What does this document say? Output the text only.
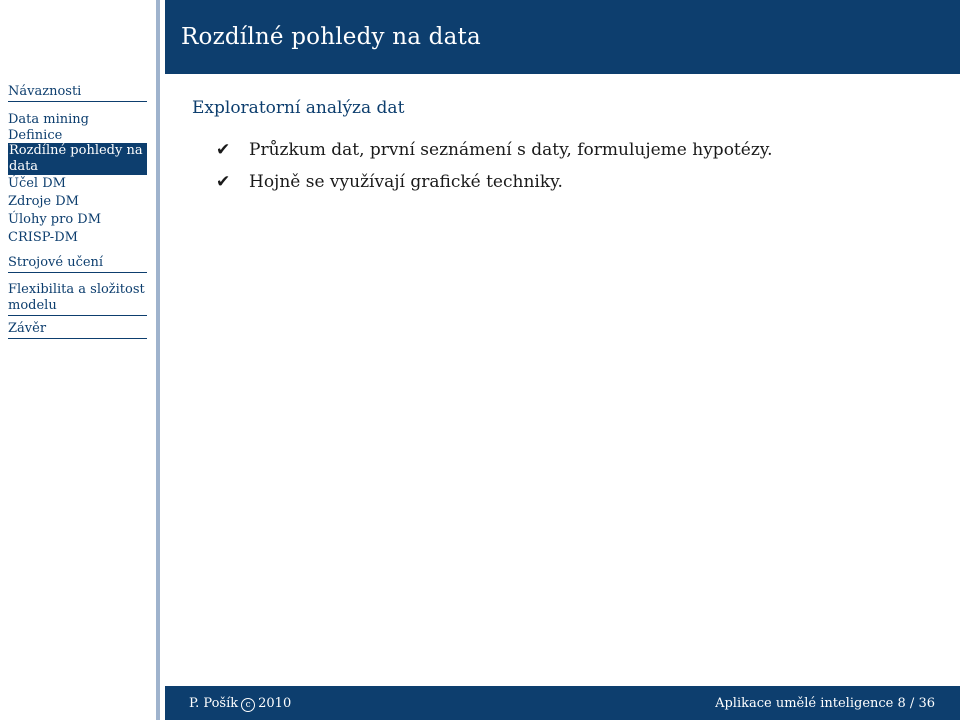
Návaznosti
Data mining
Definice
Rozdílné pohledy na data
Účel DM
Zdroje DM
Úlohy pro DM
CRISP-DM
Strojové učení
Flexibilita a složitost modelu
Závěr
Rozdílné pohledy na data
Exploratorní analýza dat
✔ Průzkum dat, první seznámení s daty, formulujeme hypotézy.
✔ Hojně se využívají grafické techniky.
P. Pošík c 2010	Aplikace umělé inteligence 8 / 36
